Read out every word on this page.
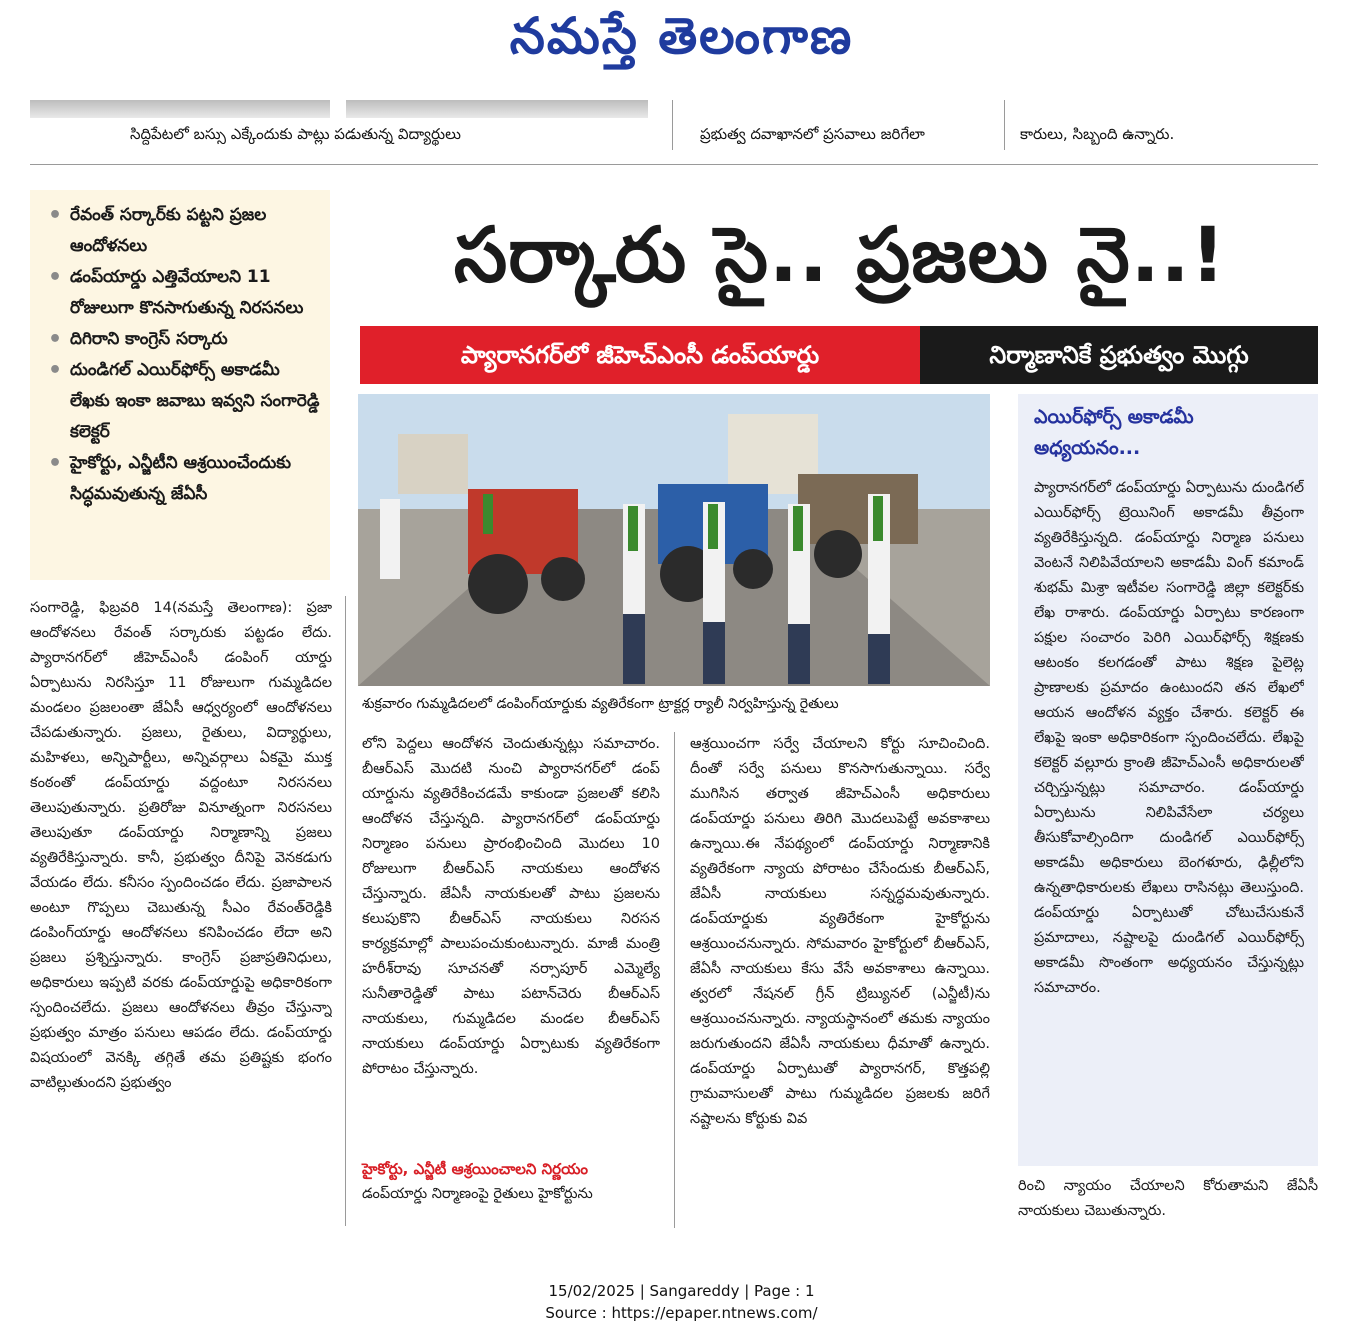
నమస్తే తెలంగాణ
సిద్దిపేటలో బస్సు ఎక్కేందుకు పాట్లు పడుతున్న విద్యార్థులు	ప్రభుత్వ దవాఖానలో ప్రసవాలు జరిగేలా	కారులు, సిబ్బంది ఉన్నారు.
• రేవంత్ సర్కార్‌కు పట్టని ప్రజల ఆందోళనలు
• డంప్‌యార్డు ఎత్తివేయాలని 11 రోజులుగా కొనసాగుతున్న నిరసనలు
• దిగిరాని కాంగ్రెస్ సర్కారు
• దుండిగల్ ఎయిర్‌ఫోర్స్ అకాడమీ లేఖకు ఇంకా జవాబు ఇవ్వని సంగారెడ్డి కలెక్టర్
• హైకోర్టు, ఎన్జీటీని ఆశ్రయించేందుకు సిద్ధమవుతున్న జేఏసీ
సర్కారు సై.. ప్రజలు నై..!
ప్యారానగర్‌లో జీహెచ్‌ఎంసీ డంప్‌యార్డు	నిర్మాణానికే ప్రభుత్వం మొగ్గు
శుక్రవారం గుమ్మడిదలలో డంపింగ్‌యార్డుకు వ్యతిరేకంగా ట్రాక్టర్ల ర్యాలీ నిర్వహిస్తున్న రైతులు
సంగారెడ్డి, ఫిబ్రవరి 14(నమస్తే తెలంగాణ): ప్రజా ఆందోళనలు రేవంత్ సర్కారుకు పట్టడం లేదు. ప్యారానగర్‌లో జీహెచ్‌ఎంసీ డంపింగ్ యార్డు ఏర్పాటును నిరసిస్తూ 11 రోజులుగా గుమ్మడిదల మండలం ప్రజలంతా జేఏసీ ఆధ్వర్యంలో ఆందోళనలు చేపడుతున్నారు. ప్రజలు, రైతులు, విద్యార్థులు, మహిళలు, అన్నిపార్టీలు, అన్నివర్గాలు ఏకమై ముక్త కంఠంతో డంప్‌యార్డు వద్దంటూ నిరసనలు తెలుపుతున్నారు. ప్రతిరోజు వినూత్నంగా నిరసనలు తెలుపుతూ డంప్‌యార్డు నిర్మాణాన్ని ప్రజలు వ్యతిరేకిస్తున్నారు. కానీ, ప్రభుత్వం దీనిపై వెనకడుగు వేయడం లేదు. కనీసం స్పందించడం లేదు. ప్రజాపాలన అంటూ గొప్పలు చెబుతున్న సీఎం రేవంత్‌రెడ్డికి డంపింగ్‌యార్డు ఆందోళనలు కనిపించడం లేదా అని ప్రజలు ప్రశ్నిస్తున్నారు. కాంగ్రెస్ ప్రజాప్రతినిధులు, అధికారులు ఇప్పటి వరకు డంప్‌యార్డుపై అధికారికంగా స్పందించలేదు. ప్రజలు ఆందోళనలు తీవ్రం చేస్తున్నా ప్రభుత్వం మాత్రం పనులు ఆపడం లేదు. డంప్‌యార్డు విషయంలో వెనక్కి తగ్గితే తమ ప్రతిష్టకు భంగం వాటిల్లుతుందని ప్రభుత్వం
లోని పెద్దలు ఆందోళన చెందుతున్నట్లు సమాచారం. బీఆర్‌ఎస్ మొదటి నుంచి ప్యారానగర్‌లో డంప్ యార్డును వ్యతిరేకించడమే కాకుండా ప్రజలతో కలిసి ఆందోళన చేస్తున్నది. ప్యారానగర్‌లో డంప్‌యార్డు నిర్మాణం పనులు ప్రారంభించింది మొదలు 10 రోజులుగా బీఆర్‌ఎస్ నాయకులు ఆందోళన చేస్తున్నారు. జేఏసీ నాయకులతో పాటు ప్రజలను కలుపుకొని బీఆర్‌ఎస్ నాయకులు నిరసన కార్యక్రమాల్లో పాలుపంచుకుంటున్నారు. మాజీ మంత్రి హరీశ్‌రావు సూచనతో నర్సాపూర్ ఎమ్మెల్యే సునీతారెడ్డితో పాటు పటాన్‌చెరు బీఆర్‌ఎస్ నాయకులు, గుమ్మడిదల మండల బీఆర్‌ఎస్ నాయకులు డంప్‌యార్డు ఏర్పాటుకు వ్యతిరేకంగా పోరాటం చేస్తున్నారు.
హైకోర్టు, ఎన్జీటీ ఆశ్రయించాలని నిర్ణయం
డంప్‌యార్డు నిర్మాణంపై రైతులు హైకోర్టును
ఆశ్రయించగా సర్వే చేయాలని కోర్టు సూచించింది. దీంతో సర్వే పనులు కొనసాగుతున్నాయి. సర్వే ముగిసిన తర్వాత జీహెచ్‌ఎంసీ అధికారులు డంప్‌యార్డు పనులు తిరిగి మొదలుపెట్టే అవకాశాలు ఉన్నాయి.ఈ నేపథ్యంలో డంప్‌యార్డు నిర్మాణానికి వ్యతిరేకంగా న్యాయ పోరాటం చేసేందుకు బీఆర్‌ఎస్, జేఏసీ నాయకులు సన్నద్ధమవుతున్నారు. డంప్‌యార్డుకు వ్యతిరేకంగా హైకోర్టును ఆశ్రయించనున్నారు. సోమవారం హైకోర్టులో బీఆర్‌ఎస్, జేఏసీ నాయకులు కేసు వేసే అవకాశాలు ఉన్నాయి. త్వరలో నేషనల్ గ్రీన్ ట్రిబ్యునల్ (ఎన్జీటీ)ను ఆశ్రయించనున్నారు. న్యాయస్థానంలో తమకు న్యాయం జరుగుతుందని జేఏసీ నాయకులు ధీమాతో ఉన్నారు. డంప్‌యార్డు ఏర్పాటుతో ప్యారానగర్, కొత్తపల్లి గ్రామవాసులతో పాటు గుమ్మడిదల ప్రజలకు జరిగే నష్టాలను కోర్టుకు వివ
ఎయిర్‌ఫోర్స్ అకాడమీ అధ్యయనం...
ప్యారానగర్‌లో డంప్‌యార్డు ఏర్పాటును దుండిగల్ ఎయిర్‌ఫోర్స్ ట్రెయినింగ్ అకాడమీ తీవ్రంగా వ్యతిరేకిస్తున్నది. డంప్‌యార్డు నిర్మాణ పనులు వెంటనే నిలిపివేయాలని అకాడమీ వింగ్ కమాండ్ శుభమ్ మిశ్రా ఇటీవల సంగారెడ్డి జిల్లా కలెక్టర్‌కు లేఖ రాశారు. డంప్‌యార్డు ఏర్పాటు కారణంగా పక్షుల సంచారం పెరిగి ఎయిర్‌ఫోర్స్ శిక్షణకు ఆటంకం కలగడంతో పాటు శిక్షణ పైలెట్ల ప్రాణాలకు ప్రమాదం ఉంటుందని తన లేఖలో ఆయన ఆందోళన వ్యక్తం చేశారు. కలెక్టర్ ఈ లేఖపై ఇంకా అధికారికంగా స్పందించలేదు. లేఖపై కలెక్టర్ వల్లూరు క్రాంతి జీహెచ్‌ఎంసీ అధికారులతో చర్చిస్తున్నట్లు సమాచారం. డంప్‌యార్డు ఏర్పాటును నిలిపివేసేలా చర్యలు తీసుకోవాల్సిందిగా దుండిగల్ ఎయిర్‌ఫోర్స్ అకాడమీ అధికారులు బెంగళూరు, ఢిల్లీలోని ఉన్నతాధికారులకు లేఖలు రాసినట్లు తెలుస్తుంది. డంప్‌యార్డు ఏర్పాటుతో చోటుచేసుకునే ప్రమాదాలు, నష్టాలపై దుండిగల్ ఎయిర్‌ఫోర్స్ అకాడమీ సొంతంగా అధ్యయనం చేస్తున్నట్లు సమాచారం.
రించి న్యాయం చేయాలని కోరుతామని జేఏసీ నాయకులు చెబుతున్నారు.
15/02/2025 | Sangareddy | Page : 1
Source : https://epaper.ntnews.com/
